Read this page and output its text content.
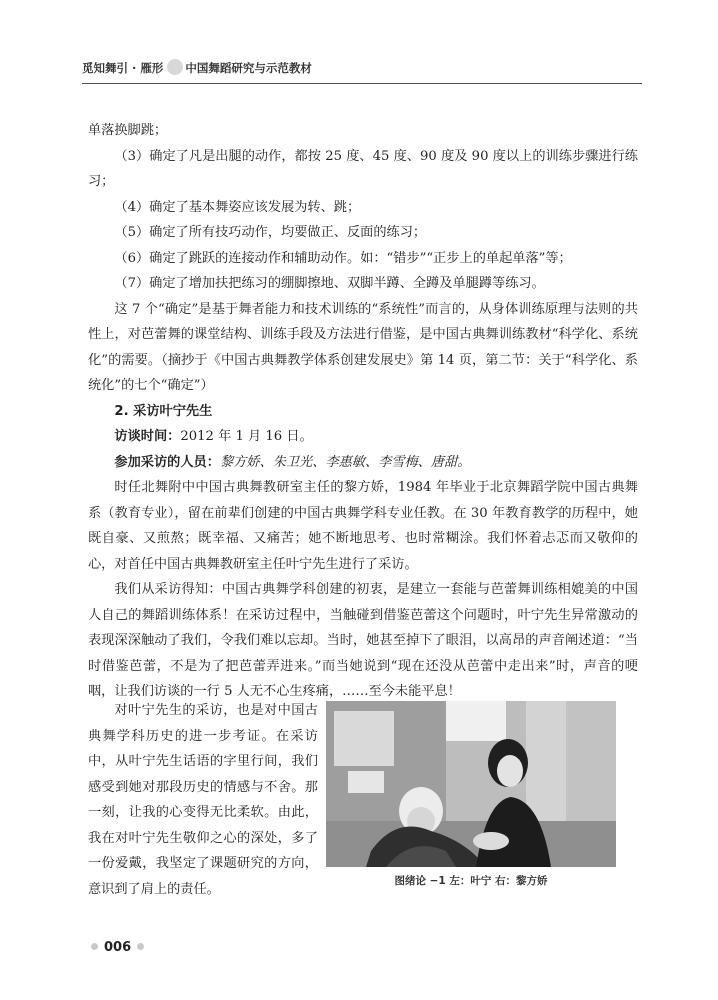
觅知舞引 · 雁形 中国舞蹈研究与示范教材

单落换脚跳；

（3）确定了凡是出腿的动作，都按 25 度、45 度、90 度及 90 度以上的训练步骤进行练习；

（4）确定了基本舞姿应该发展为转、跳；

（5）确定了所有技巧动作，均要做正、反面的练习；

（6）确定了跳跃的连接动作和辅助动作。如：“错步”“正步上的单起单落”等；

（7）确定了增加扶把练习的绷脚擦地、双脚半蹲、全蹲及单腿蹲等练习。

这 7 个“确定”是基于舞者能力和技术训练的“系统性”而言的，从身体训练原理与法则的共性上，对芭蕾舞的课堂结构、训练手段及方法进行借鉴，是中国古典舞训练教材“科学化、系统化”的需要。（摘抄于《中国古典舞教学体系创建发展史》第 14 页，第二节：关于“科学化、系统化”的七个“确定”）

2. 采访叶宁先生

访谈时间：2012 年 1 月 16 日。

参加采访的人员：黎方娇、朱卫光、李惠敏、李雪梅、唐甜。

时任北舞附中中国古典舞教研室主任的黎方娇，1984 年毕业于北京舞蹈学院中国古典舞系（教育专业），留在前辈们创建的中国古典舞学科专业任教。在 30 年教育教学的历程中，她既自豪、又煎熬；既幸福、又痛苦；她不断地思考、也时常糊涂。我们怀着忐忑而又敬仰的心，对首任中国古典舞教研室主任叶宁先生进行了采访。

我们从采访得知：中国古典舞学科创建的初衷，是建立一套能与芭蕾舞训练相媲美的中国人自己的舞蹈训练体系！在采访过程中，当触碰到借鉴芭蕾这个问题时，叶宁先生异常激动的表现深深触动了我们，令我们难以忘却。当时，她甚至掉下了眼泪，以高昂的声音阐述道：“当时借鉴芭蕾，不是为了把芭蕾弄进来。”而当她说到“现在还没从芭蕾中走出来”时，声音的哽咽，让我们访谈的一行 5 人无不心生疼痛，……至今未能平息！

对叶宁先生的采访，也是对中国古典舞学科历史的进一步考证。在采访中，从叶宁先生话语的字里行间，我们感受到她对那段历史的情感与不舍。那一刻，让我的心变得无比柔软。由此，我在对叶宁先生敬仰之心的深处，多了一份爱戴，我坚定了课题研究的方向，意识到了肩上的责任。

图绪论 −1 左：叶宁 右：黎方娇
006
